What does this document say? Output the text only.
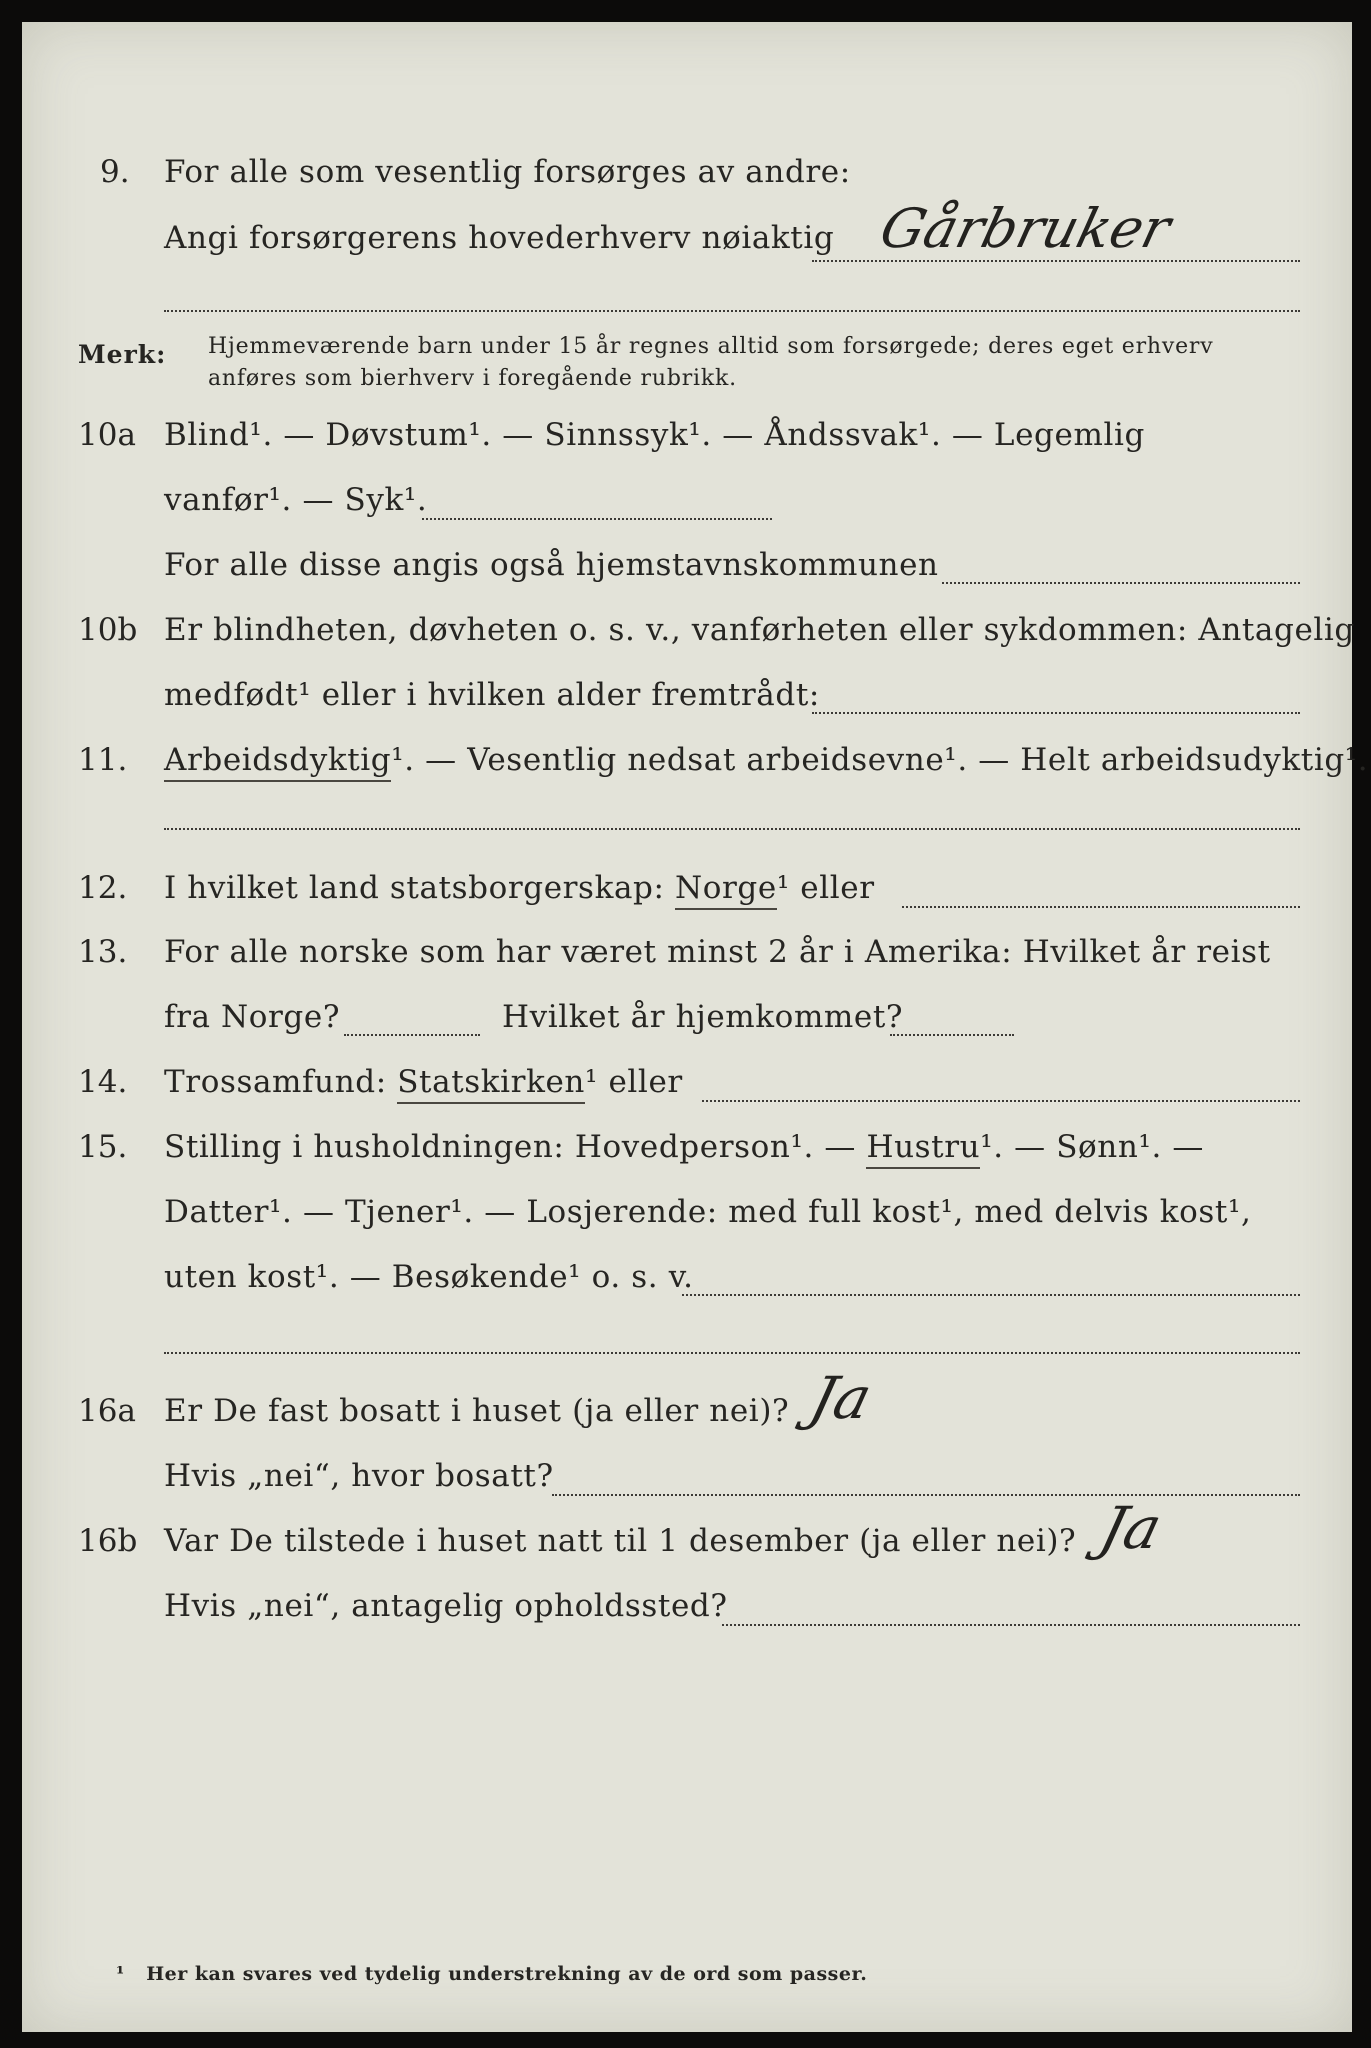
9. For alle som vesentlig forsørges av andre:
Angi forsørgerens hovederhverv nøiaktig Gårbruker
Merk: Hjemmeværende barn under 15 år regnes alltid som forsørgede; deres eget erhverv
anføres som bierhverv i foregående rubrikk.
10a Blind¹. — Døvstum¹. — Sinnssyk¹. — Åndssvak¹. — Legemlig
vanfør¹. — Syk¹.
For alle disse angis også hjemstavnskommunen
10b Er blindheten, døvheten o. s. v., vanførheten eller sykdommen: Antagelig
medfødt¹ eller i hvilken alder fremtrådt:
11. Arbeidsdyktig¹. — Vesentlig nedsat arbeidsevne¹. — Helt arbeidsudyktig¹.
12. I hvilket land statsborgerskap: Norge¹ eller
13. For alle norske som har været minst 2 år i Amerika: Hvilket år reist
fra Norge?	Hvilket år hjemkommet?
14. Trossamfund: Statskirken¹ eller
15. Stilling i husholdningen: Hovedperson¹. — Hustru¹. — Sønn¹. —
Datter¹. — Tjener¹. — Losjerende: med full kost¹, med delvis kost¹,
uten kost¹. — Besøkende¹ o. s. v.
16a Er De fast bosatt i huset (ja eller nei)? Ja
Hvis „nei“, hvor bosatt?
16b Var De tilstede i huset natt til 1 desember (ja eller nei)? Ja
Hvis „nei“, antagelig opholdssted?
¹ Her kan svares ved tydelig understrekning av de ord som passer.
